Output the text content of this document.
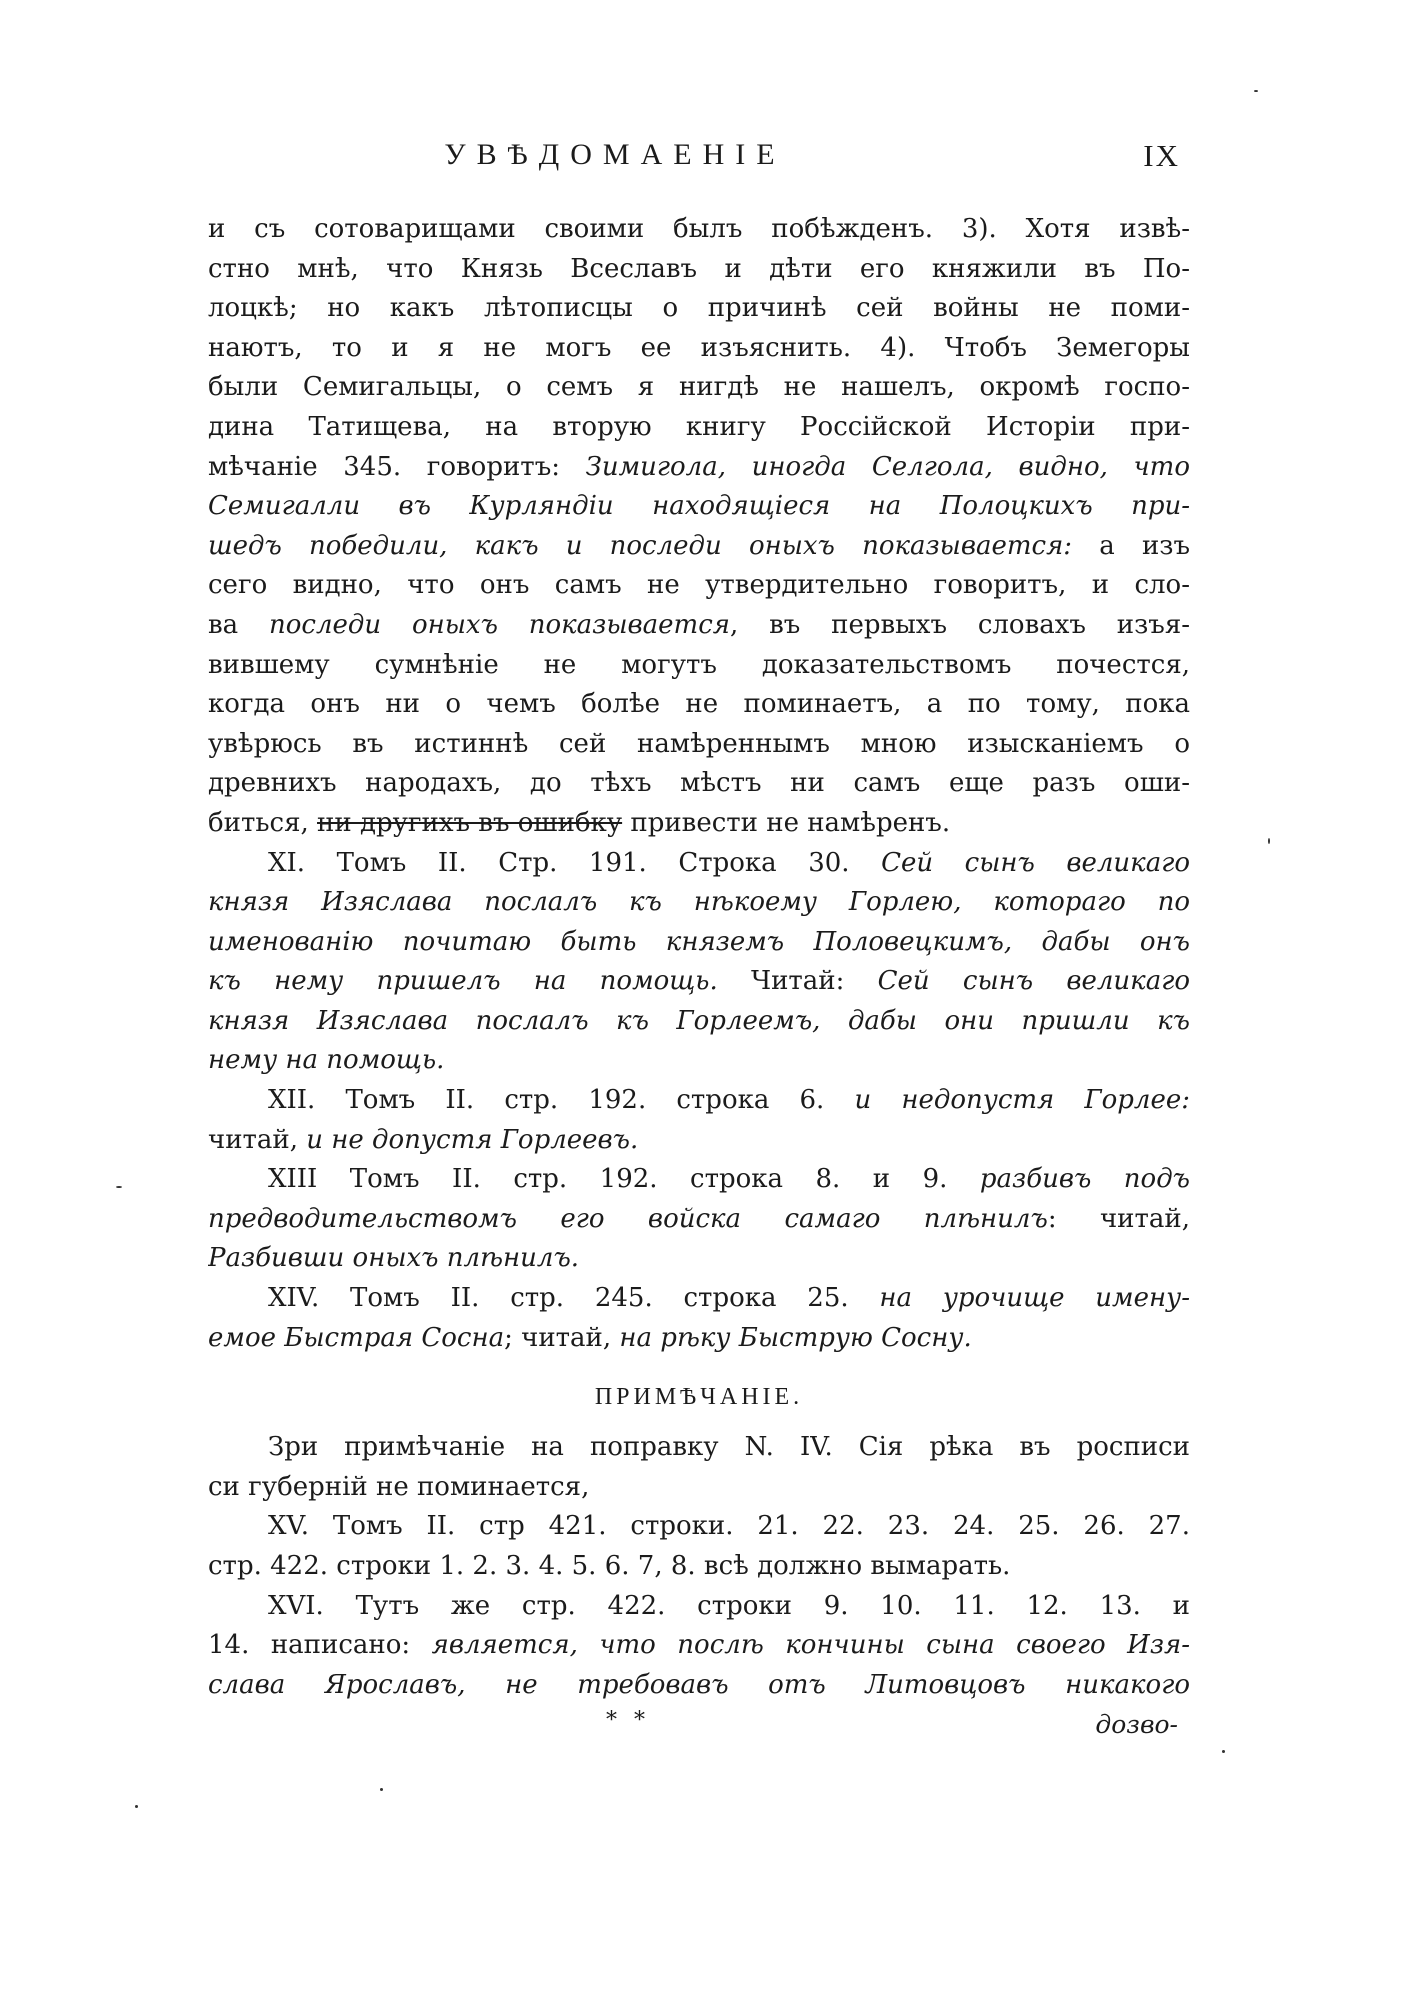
УВѢДОМАЕНІЕ	IX
и съ сотоварищами своими былъ побѣжденъ. 3). Хотя извѣ-
стно мнѣ, что Князь Всеславъ и дѣти его княжили въ По-
лоцкѣ; но какъ лѣтописцы о причинѣ сей войны не поми-
наютъ, то и я не могъ ее изъяснить. 4). Чтобъ Земегоры
были Семигальцы, о семъ я нигдѣ не нашелъ, окромѣ госпо-
дина Татищева, на вторую книгу Россійской Исторіи при-
мѣчаніе 345. говоритъ: Зимигола, иногда Селгола, видно, что
Семигалли въ Курляндіи находящіеся на Полоцкихъ при-
шедъ победили, какъ и последи оныхъ показывается: а изъ
сего видно, что онъ самъ не утвердительно говоритъ, и сло-
ва последи оныхъ показывается, въ первыхъ словахъ изъя-
вившему сумнѣніе не могутъ доказательствомъ почестся,
когда онъ ни о чемъ болѣе не поминаетъ, а по тому, пока
увѣрюсь въ истиннѣ сей намѣреннымъ мною изысканіемъ о
древнихъ народахъ, до тѣхъ мѣстъ ни самъ еще разъ оши-
биться, ни другихъ въ ошибку привести не намѣренъ.
XI. Томъ II. Стр. 191. Строка 30. Сей сынъ великаго
князя Изяслава послалъ къ нѣкоему Горлею, котораго по
именованію почитаю быть княземъ Половецкимъ, дабы онъ
къ нему пришелъ на помощь. Читай: Сей сынъ великаго
князя Изяслава послалъ къ Горлеемъ, дабы они пришли къ
нему на помощь.
XII. Томъ II. стр. 192. строка 6. и недопустя Горлее:
читай, и не допустя Горлеевъ.
XIII Томъ II. стр. 192. строка 8. и 9. разбивъ подъ
предводительствомъ его войска самаго плѣнилъ: читай,
Разбивши оныхъ плѣнилъ.
XIV. Томъ II. стр. 245. строка 25. на урочище имену-
емое Быстрая Сосна; читай, на рѣку Быструю Сосну.
ПРИМѢЧАНІЕ.
Зри примѣчаніе на поправку N. IV. Сія рѣка въ росписи
си губерній не поминается,
XV. Томъ II. стр 421. строки. 21. 22. 23. 24. 25. 26. 27.
стр. 422. строки 1. 2. 3. 4. 5. 6. 7, 8. всѣ должно вымарать.
XVI. Тутъ же стр. 422. строки 9. 10. 11. 12. 13. и
14. написано: является, что послѣ кончины сына своего Изя-
слава Ярославъ, не требовавъ отъ Литовцовъ никакого
* *	дозво-
